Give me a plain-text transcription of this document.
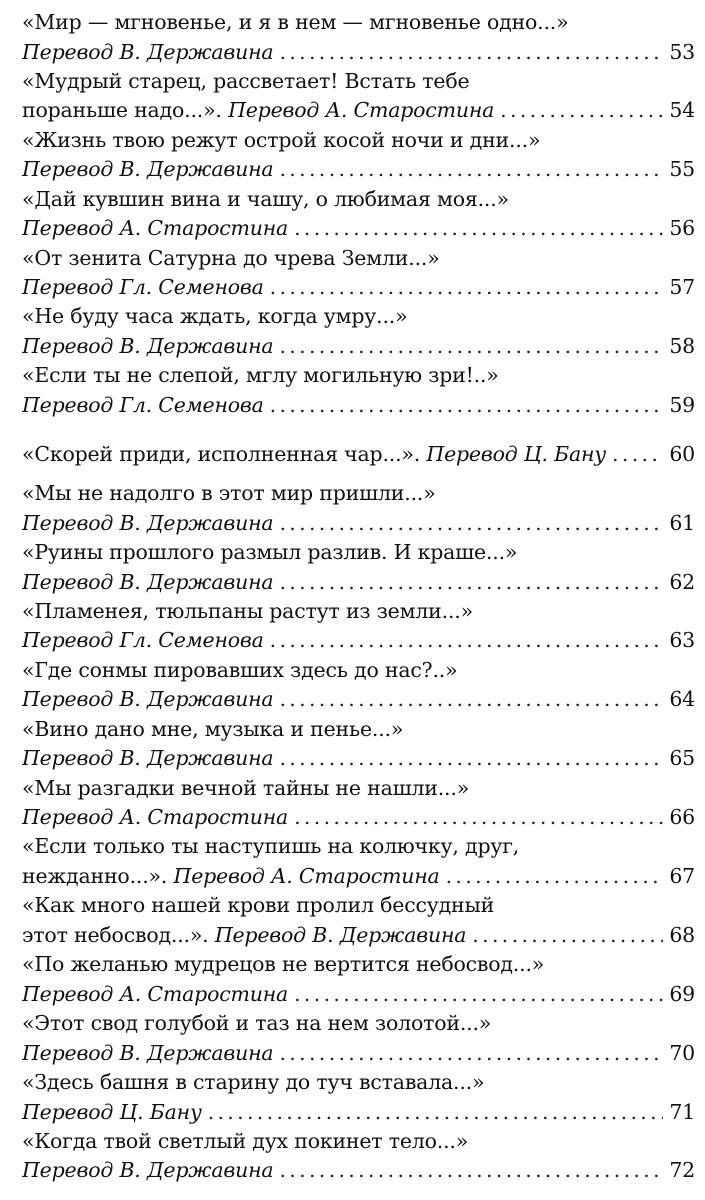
«Мир — мгновенье, и я в нем — мгновенье одно...»
Перевод В. Державина . . .	53
«Мудрый старец, рассветает! Встать тебе
пораньше надо...».
Перевод А. Старостина . . .	54
«Жизнь твою режут острой косой ночи и дни...»
Перевод В. Державина . . .	55
«Дай кувшин вина и чашу, о любимая моя...»
Перевод А. Старостина . . .	56
«От зенита Сатурна до чрева Земли...»
Перевод Гл. Семенова . . .	57
«Не буду часа ждать, когда умру...»
Перевод В. Державина . . .	58
«Если ты не слепой, мглу могильную зри!..»
Перевод Гл. Семенова . . .	59
«Скорей приди, исполненная чар...».
Перевод Ц. Бану . . .	60
«Мы не надолго в этот мир пришли...»
Перевод В. Державина . . .	61
«Руины прошлого размыл разлив. И краше...»
Перевод В. Державина . . .	62
«Пламенея, тюльпаны растут из земли...»
Перевод Гл. Семенова . . .	63
«Где сонмы пировавших здесь до нас?..»
Перевод В. Державина . . .	64
«Вино дано мне, музыка и пенье...»
Перевод В. Державина . . .	65
«Мы разгадки вечной тайны не нашли...»
Перевод А. Старостина . . .	66
«Если только ты наступишь на колючку, друг,
нежданно...».
Перевод А. Старостина . . .	67
«Как много нашей крови пролил бессудный
этот небосвод...».
Перевод В. Державина . . .	68
«По желанью мудрецов не вертится небосвод...»
Перевод А. Старостина . . .	69
«Этот свод голубой и таз на нем золотой...»
Перевод В. Державина . . .	70
«Здесь башня в старину до туч вставала...»
Перевод Ц. Бану . . .	71
«Когда твой светлый дух покинет тело...»
Перевод В. Державина . . .	72
